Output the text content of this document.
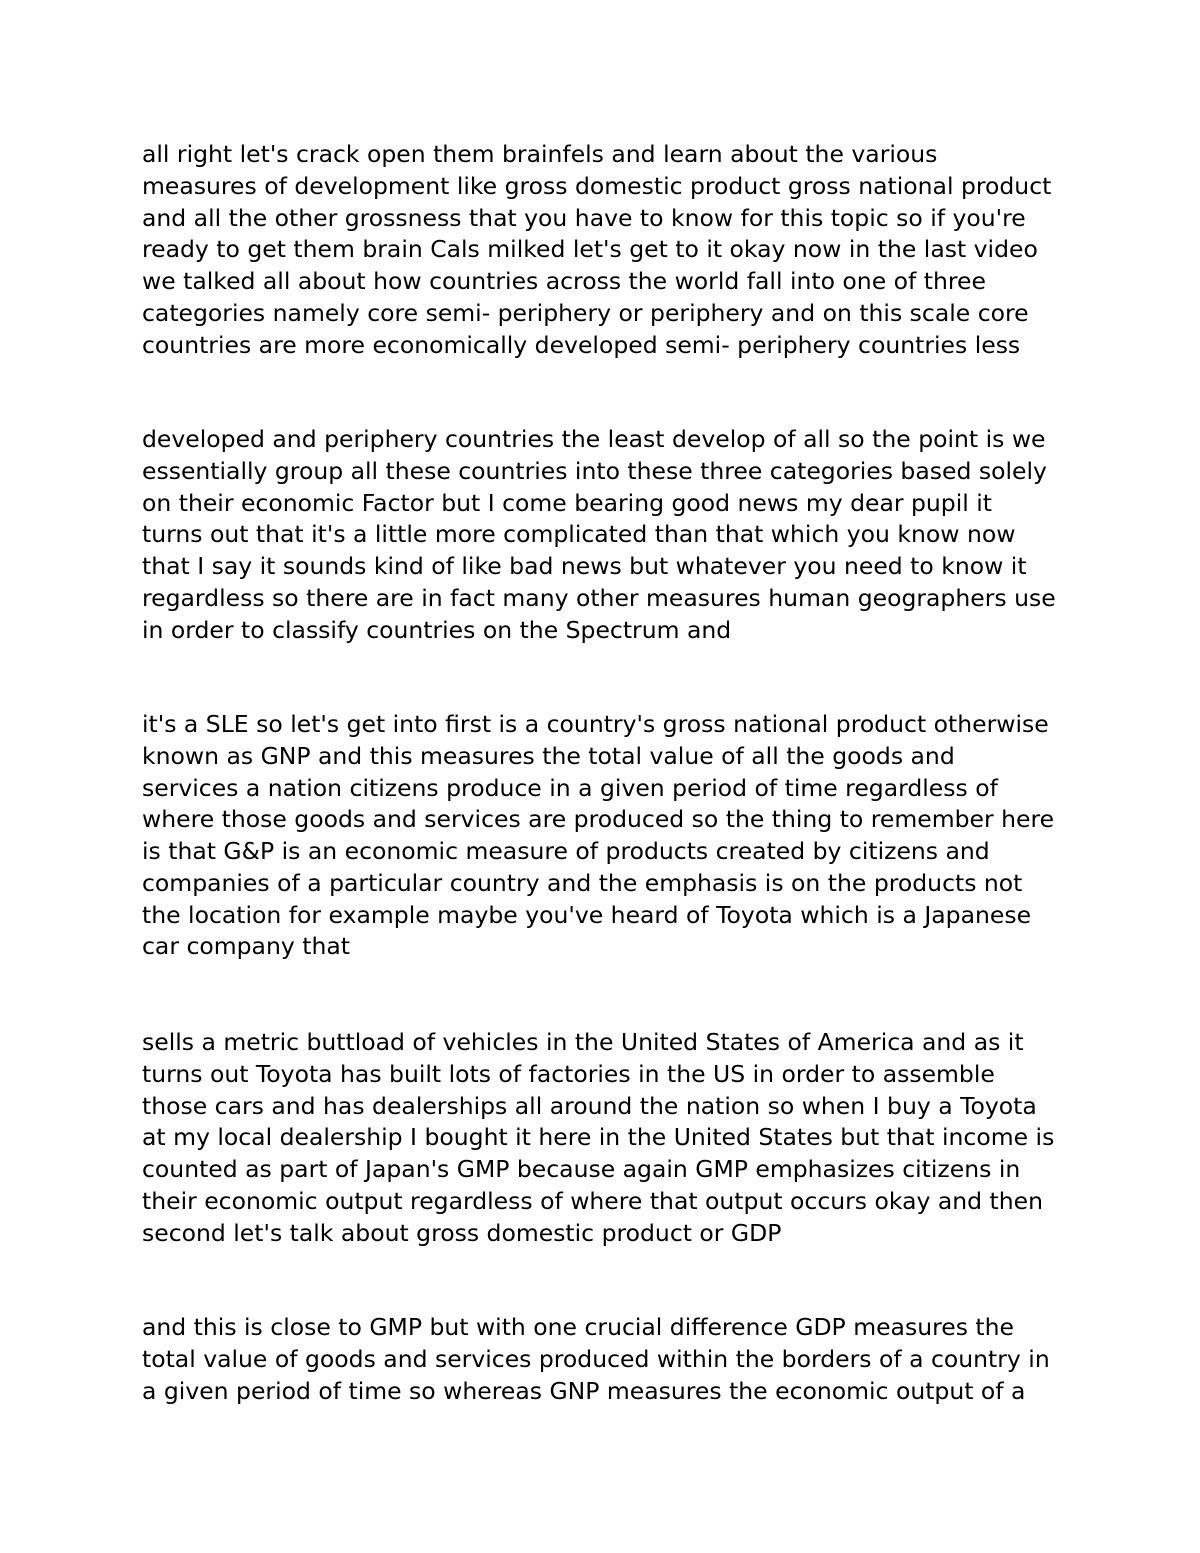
all right let's crack open them brainfels and learn about the various
measures of development like gross domestic product gross national product
and all the other grossness that you have to know for this topic so if you're
ready to get them brain Cals milked let's get to it okay now in the last video
we talked all about how countries across the world fall into one of three
categories namely core semi- periphery or periphery and on this scale core
countries are more economically developed semi- periphery countries less

developed and periphery countries the least develop of all so the point is we
essentially group all these countries into these three categories based solely
on their economic Factor but I come bearing good news my dear pupil it
turns out that it's a little more complicated than that which you know now
that I say it sounds kind of like bad news but whatever you need to know it
regardless so there are in fact many other measures human geographers use
in order to classify countries on the Spectrum and

it's a SLE so let's get into first is a country's gross national product otherwise
known as GNP and this measures the total value of all the goods and
services a nation citizens produce in a given period of time regardless of
where those goods and services are produced so the thing to remember here
is that G&P is an economic measure of products created by citizens and
companies of a particular country and the emphasis is on the products not
the location for example maybe you've heard of Toyota which is a Japanese
car company that

sells a metric buttload of vehicles in the United States of America and as it
turns out Toyota has built lots of factories in the US in order to assemble
those cars and has dealerships all around the nation so when I buy a Toyota
at my local dealership I bought it here in the United States but that income is
counted as part of Japan's GMP because again GMP emphasizes citizens in
their economic output regardless of where that output occurs okay and then
second let's talk about gross domestic product or GDP

and this is close to GMP but with one crucial difference GDP measures the
total value of goods and services produced within the borders of a country in
a given period of time so whereas GNP measures the economic output of a
